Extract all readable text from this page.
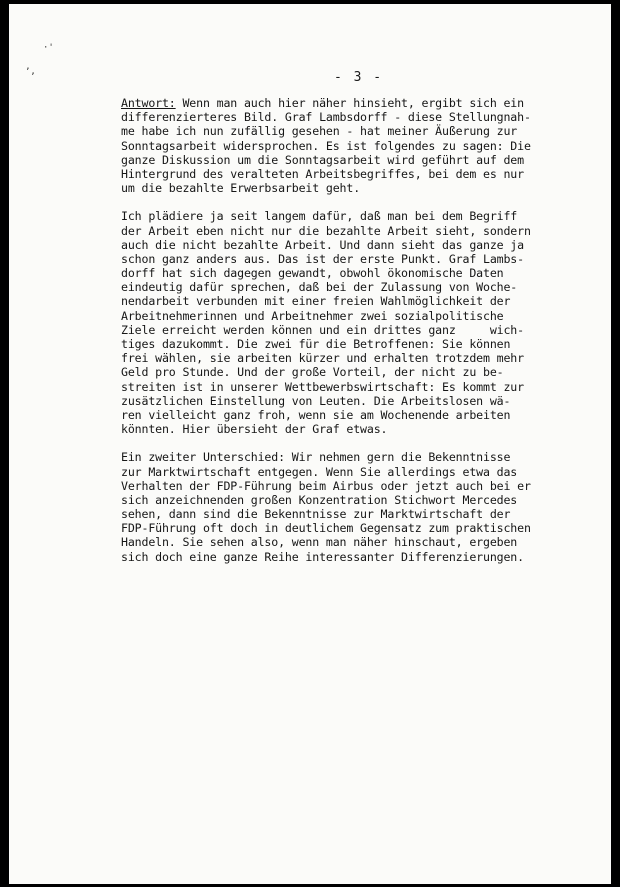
·'
ʼ,	- 3 -
Antwort: Wenn man auch hier näher hinsieht, ergibt sich ein
differenzierteres Bild. Graf Lambsdorff - diese Stellungnah-
me habe ich nun zufällig gesehen - hat meiner Äußerung zur
Sonntagsarbeit widersprochen. Es ist folgendes zu sagen: Die
ganze Diskussion um die Sonntagsarbeit wird geführt auf dem
Hintergrund des veralteten Arbeitsbegriffes, bei dem es nur
um die bezahlte Erwerbsarbeit geht.
Ich plädiere ja seit langem dafür, daß man bei dem Begriff
der Arbeit eben nicht nur die bezahlte Arbeit sieht, sondern
auch die nicht bezahlte Arbeit. Und dann sieht das ganze ja
schon ganz anders aus. Das ist der erste Punkt. Graf Lambs-
dorff hat sich dagegen gewandt, obwohl ökonomische Daten
eindeutig dafür sprechen, daß bei der Zulassung von Woche-
nendarbeit verbunden mit einer freien Wahlmöglichkeit der
Arbeitnehmerinnen und Arbeitnehmer zwei sozialpolitische
Ziele erreicht werden können und ein drittes ganz     wich-
tiges dazukommt. Die zwei für die Betroffenen: Sie können
frei wählen, sie arbeiten kürzer und erhalten trotzdem mehr
Geld pro Stunde. Und der große Vorteil, der nicht zu be-
streiten ist in unserer Wettbewerbswirtschaft: Es kommt zur
zusätzlichen Einstellung von Leuten. Die Arbeitslosen wä-
ren vielleicht ganz froh, wenn sie am Wochenende arbeiten
könnten. Hier übersieht der Graf etwas.
Ein zweiter Unterschied: Wir nehmen gern die Bekenntnisse
zur Marktwirtschaft entgegen. Wenn Sie allerdings etwa das
Verhalten der FDP-Führung beim Airbus oder jetzt auch bei er
sich anzeichnenden großen Konzentration Stichwort Mercedes
sehen, dann sind die Bekenntnisse zur Marktwirtschaft der
FDP-Führung oft doch in deutlichem Gegensatz zum praktischen
Handeln. Sie sehen also, wenn man näher hinschaut, ergeben
sich doch eine ganze Reihe interessanter Differenzierungen.
